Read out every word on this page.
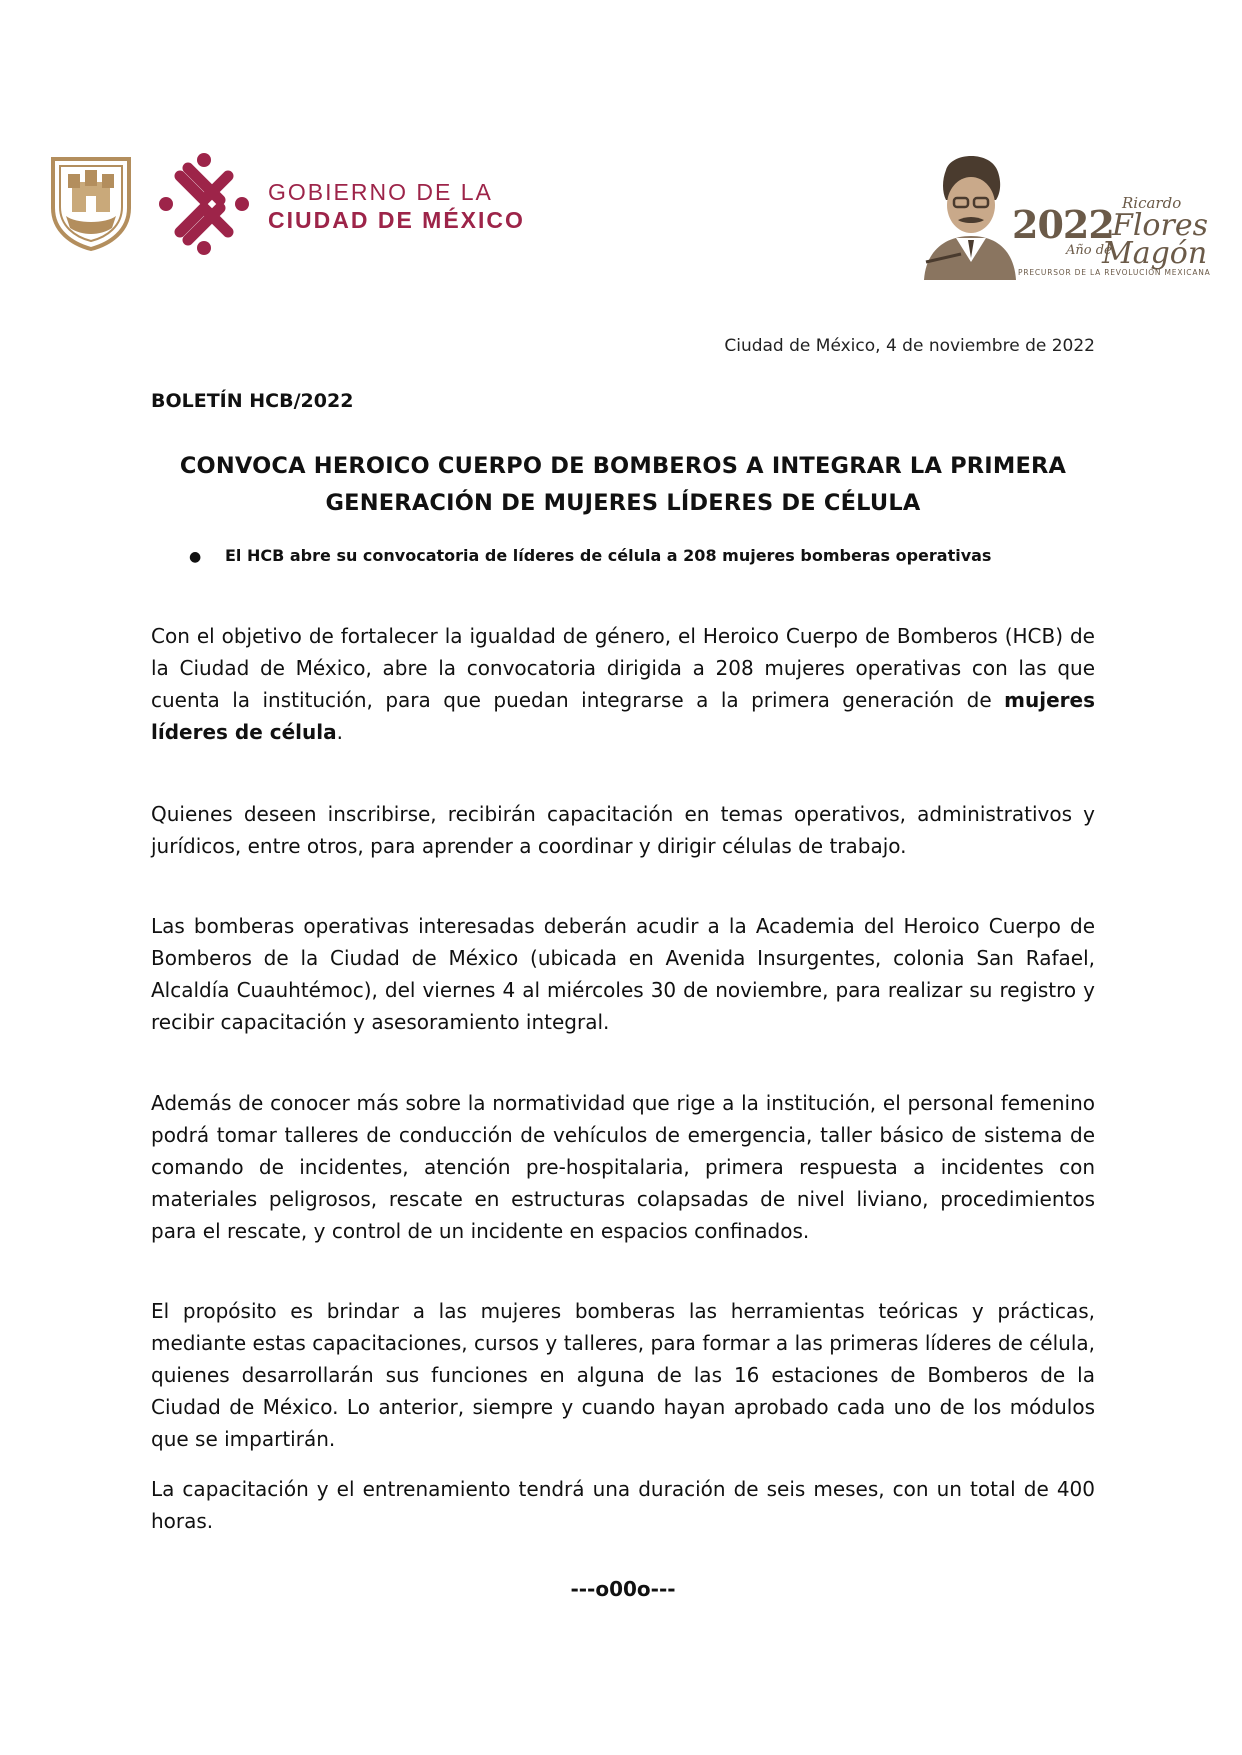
GOBIERNO DE LA
CIUDAD DE MÉXICO	2022 Ricardo
Flores
Año de
Magón
PRECURSOR DE LA REVOLUCIÓN MEXICANA
Ciudad de México, 4 de noviembre de 2022
BOLETÍN HCB/2022
CONVOCA HEROICO CUERPO DE BOMBEROS A INTEGRAR LA PRIMERA
GENERACIÓN DE MUJERES LÍDERES DE CÉLULA
●	El HCB abre su convocatoria de líderes de célula a 208 mujeres bomberas operativas

Con el objetivo de fortalecer la igualdad de género, el Heroico Cuerpo de Bomberos (HCB) de la Ciudad de México, abre la convocatoria dirigida a 208 mujeres operativas con las que cuenta la institución, para que puedan integrarse a la primera generación de mujeres líderes de célula.

Quienes deseen inscribirse, recibirán capacitación en temas operativos, administrativos y jurídicos, entre otros, para aprender a coordinar y dirigir células de trabajo.

Las bomberas operativas interesadas deberán acudir a la Academia del Heroico Cuerpo de Bomberos de la Ciudad de México (ubicada en Avenida Insurgentes, colonia San Rafael, Alcaldía Cuauhtémoc), del viernes 4 al miércoles 30 de noviembre, para realizar su registro y recibir capacitación y asesoramiento integral.

Además de conocer más sobre la normatividad que rige a la institución, el personal femenino podrá tomar talleres de conducción de vehículos de emergencia, taller básico de sistema de comando de incidentes, atención pre-hospitalaria, primera respuesta a incidentes con materiales peligrosos, rescate en estructuras colapsadas de nivel liviano, procedimientos para el rescate, y control de un incidente en espacios confinados.

El propósito es brindar a las mujeres bomberas las herramientas teóricas y prácticas, mediante estas capacitaciones, cursos y talleres, para formar a las primeras líderes de célula, quienes desarrollarán sus funciones en alguna de las 16 estaciones de Bomberos de la Ciudad de México. Lo anterior, siempre y cuando hayan aprobado cada uno de los módulos que se impartirán.

La capacitación y el entrenamiento tendrá una duración de seis meses, con un total de 400 horas.

---o00o---
